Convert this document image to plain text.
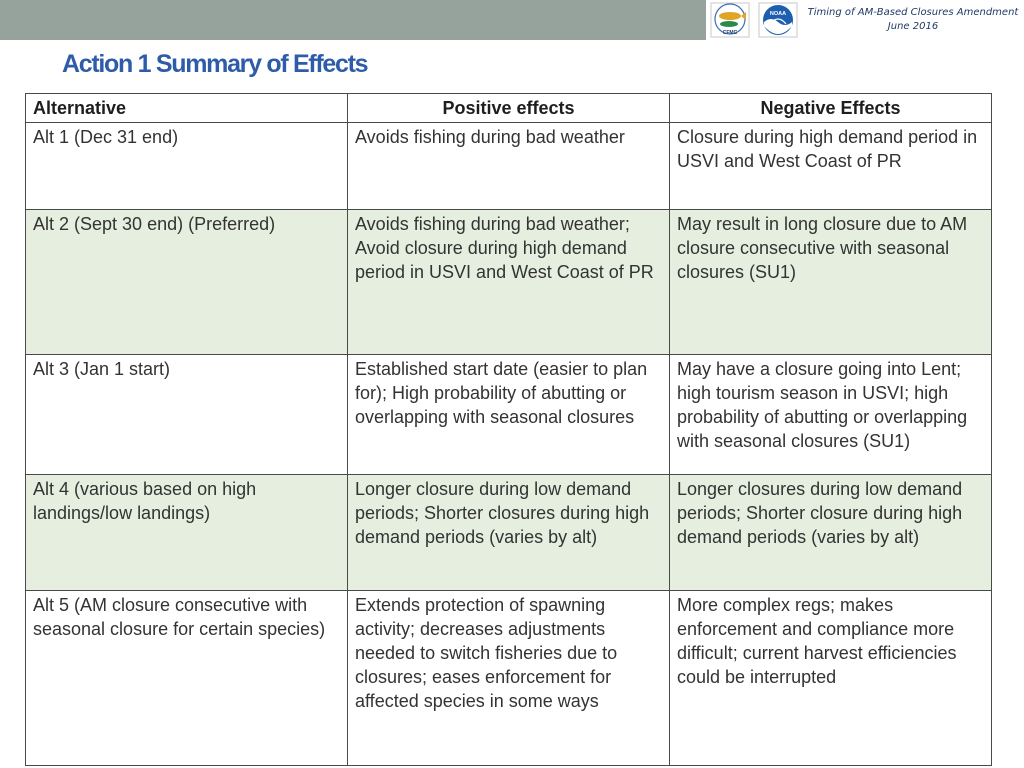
CFMC
NOAA Timing of AM-Based Closures Amendment
June 2016
Action 1 Summary of Effects
Alternative	Positive effects	Negative Effects
Alt 1 (Dec 31 end)	Avoids fishing during bad weather	Closure during high demand period in USVI and West Coast of PR
Alt 2 (Sept 30 end) (Preferred)	Avoids fishing during bad weather; Avoid closure during high demand period in USVI and West Coast of PR	May result in long closure due to AM closure consecutive with seasonal closures (SU1)
Alt 3 (Jan 1 start)	Established start date (easier to plan for); High probability of abutting or overlapping with seasonal closures	May have a closure going into Lent; high tourism season in USVI; high probability of abutting or overlapping with seasonal closures (SU1)
Alt 4 (various based on high landings/low landings)	Longer closure during low demand periods; Shorter closures during high demand periods (varies by alt)	Longer closures during low demand periods; Shorter closure during high demand periods (varies by alt)
Alt 5 (AM closure consecutive with seasonal closure for certain species)	Extends protection of spawning activity; decreases adjustments needed to switch fisheries due to closures; eases enforcement for affected species in some ways	More complex regs; makes enforcement and compliance more difficult; current harvest efficiencies could be interrupted
